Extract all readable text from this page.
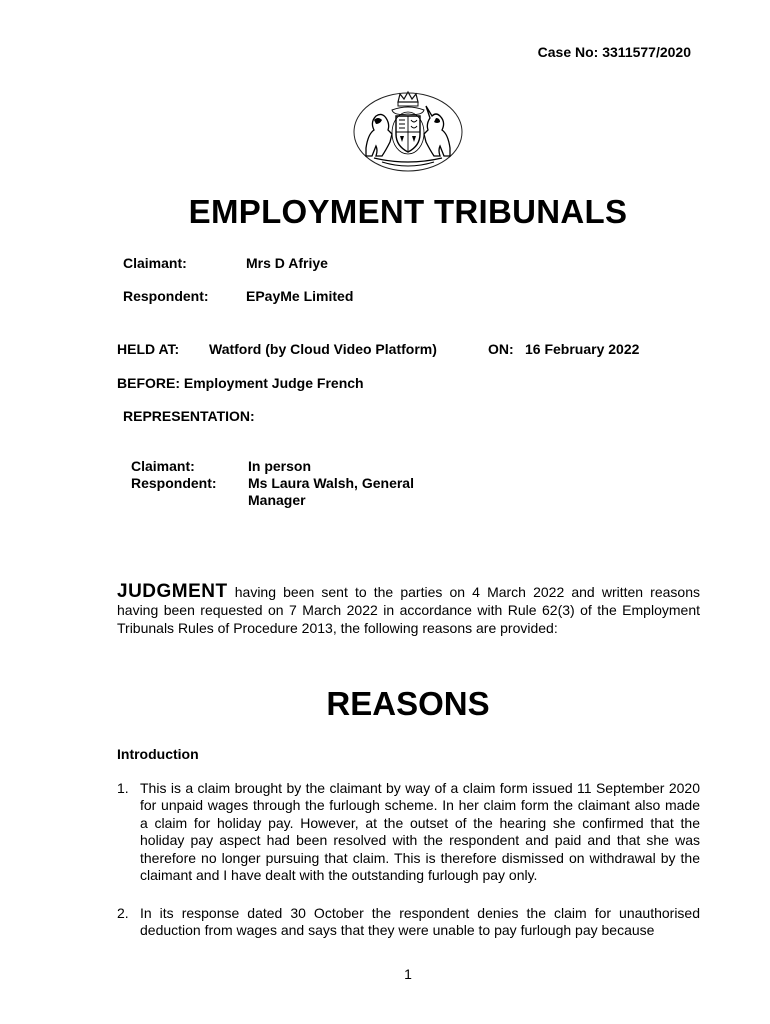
Case No: 3311577/2020
EMPLOYMENT TRIBUNALS
Claimant:	Mrs D Afriye
Respondent:	EPayMe Limited
HELD AT: Watford (by Cloud Video Platform)	ON: 16 February 2022
BEFORE: Employment Judge French
REPRESENTATION:
Claimant:	In person
Respondent: Ms Laura Walsh, General
Manager
JUDGMENT having been sent to the parties on 4 March 2022 and written reasons having been requested on 7 March 2022 in accordance with Rule 62(3) of the Employment Tribunals Rules of Procedure 2013, the following reasons are provided:
REASONS
Introduction
1. This is a claim brought by the claimant by way of a claim form issued 11 September 2020 for unpaid wages through the furlough scheme. In her claim form the claimant also made a claim for holiday pay. However, at the outset of the hearing she confirmed that the holiday pay aspect had been resolved with the respondent and paid and that she was therefore no longer pursuing that claim. This is therefore dismissed on withdrawal by the claimant and I have dealt with the outstanding furlough pay only.
2. In its response dated 30 October the respondent denies the claim for unauthorised deduction from wages and says that they were unable to pay furlough pay because
1
